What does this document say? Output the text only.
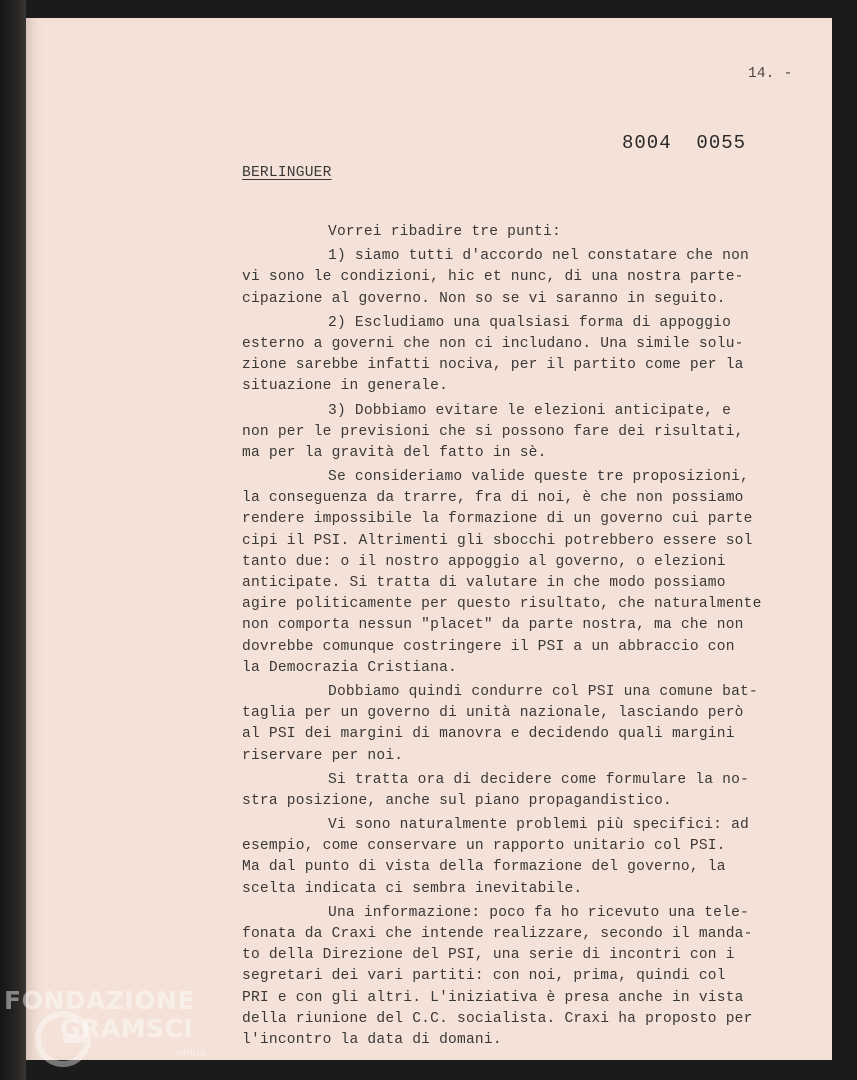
14. -
8004  0055
BERLINGUER
Vorrei ribadire tre punti:
1) siamo tutti d'accordo nel constatare che non
vi sono le condizioni, hic et nunc, di una nostra parte-
cipazione al governo. Non so se vi saranno in seguito.
2) Escludiamo una qualsiasi forma di appoggio
esterno a governi che non ci includano. Una simile solu-
zione sarebbe infatti nociva, per il partito come per la
situazione in generale.
3) Dobbiamo evitare le elezioni anticipate, e
non per le previsioni che si possono fare dei risultati,
ma per la gravità del fatto in sè.
Se consideriamo valide queste tre proposizioni,
la conseguenza da trarre, fra di noi, è che non possiamo
rendere impossibile la formazione di un governo cui parte
cipi il PSI. Altrimenti gli sbocchi potrebbero essere sol
tanto due: o il nostro appoggio al governo, o elezioni
anticipate. Si tratta di valutare in che modo possiamo
agire politicamente per questo risultato, che naturalmente
non comporta nessun "placet" da parte nostra, ma che non
dovrebbe comunque costringere il PSI a un abbraccio con
la Democrazia Cristiana.
Dobbiamo quindi condurre col PSI una comune bat-
taglia per un governo di unità nazionale, lasciando però
al PSI dei margini di manovra e decidendo quali margini
riservare per noi.
Si tratta ora di decidere come formulare la no-
stra posizione, anche sul piano propagandistico.
Vi sono naturalmente problemi più specifici: ad
esempio, come conservare un rapporto unitario col PSI.
Ma dal punto di vista della formazione del governo, la
scelta indicata ci sembra inevitabile.
Una informazione: poco fa ho ricevuto una tele-
fonata da Craxi che intende realizzare, secondo il manda-
to della Direzione del PSI, una serie di incontri con i
segretari dei vari partiti: con noi, prima, quindi col
PRI e con gli altri. L'iniziativa è presa anche in vista
della riunione del C.C. socialista. Craxi ha proposto per
l'incontro la data di domani.
FONDAZIONE
GRAMSCI
onlus
